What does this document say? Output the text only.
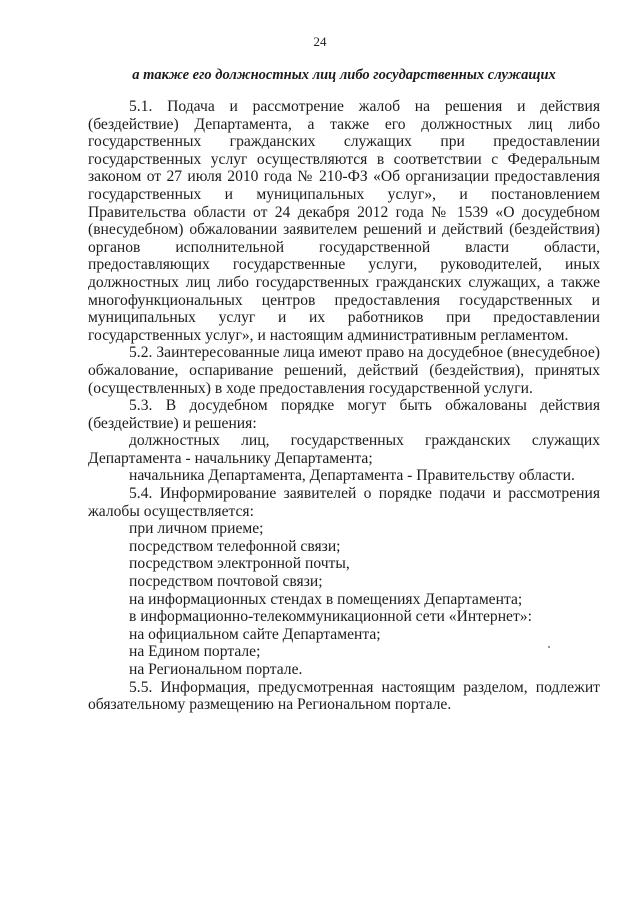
24
а также его должностных лиц либо государственных служащих

5.1. Подача и рассмотрение жалоб на решения и действия (бездействие) Департамента, а также его должностных лиц либо государственных гражданских служащих при предоставлении государственных услуг осуществляются в соответствии с Федеральным законом от 27 июля 2010 года № 210-ФЗ «Об организации предоставления государственных и муниципальных услуг», и постановлением Правительства области от 24 декабря 2012 года № 1539 «О досудебном (внесудебном) обжаловании заявителем решений и действий (бездействия) органов исполнительной государственной власти области, предоставляющих государственные услуги, руководителей, иных должностных лиц либо государственных гражданских служащих, а также многофункциональных центров предоставления государственных и муниципальных услуг и их работников при предоставлении государственных услуг», и настоящим административным регламентом.

5.2. Заинтересованные лица имеют право на досудебное (внесудебное) обжалование, оспаривание решений, действий (бездействия), принятых (осуществленных) в ходе предоставления государственной услуги.

5.3. В досудебном порядке могут быть обжалованы действия (бездействие) и решения:

должностных лиц, государственных гражданских служащих Департамента - начальнику Департамента;

начальника Департамента, Департамента - Правительству области.

5.4. Информирование заявителей о порядке подачи и рассмотрения жалобы осуществляется:

при личном приеме;
посредством телефонной связи;
посредством электронной почты,
посредством почтовой связи;
на информационных стендах в помещениях Департамента;
в информационно-телекоммуникационной сети «Интернет»:
на официальном сайте Департамента;
на Едином портале;
на Региональном портале.

5.5. Информация, предусмотренная настоящим разделом, подлежит обязательному размещению на Региональном портале.
